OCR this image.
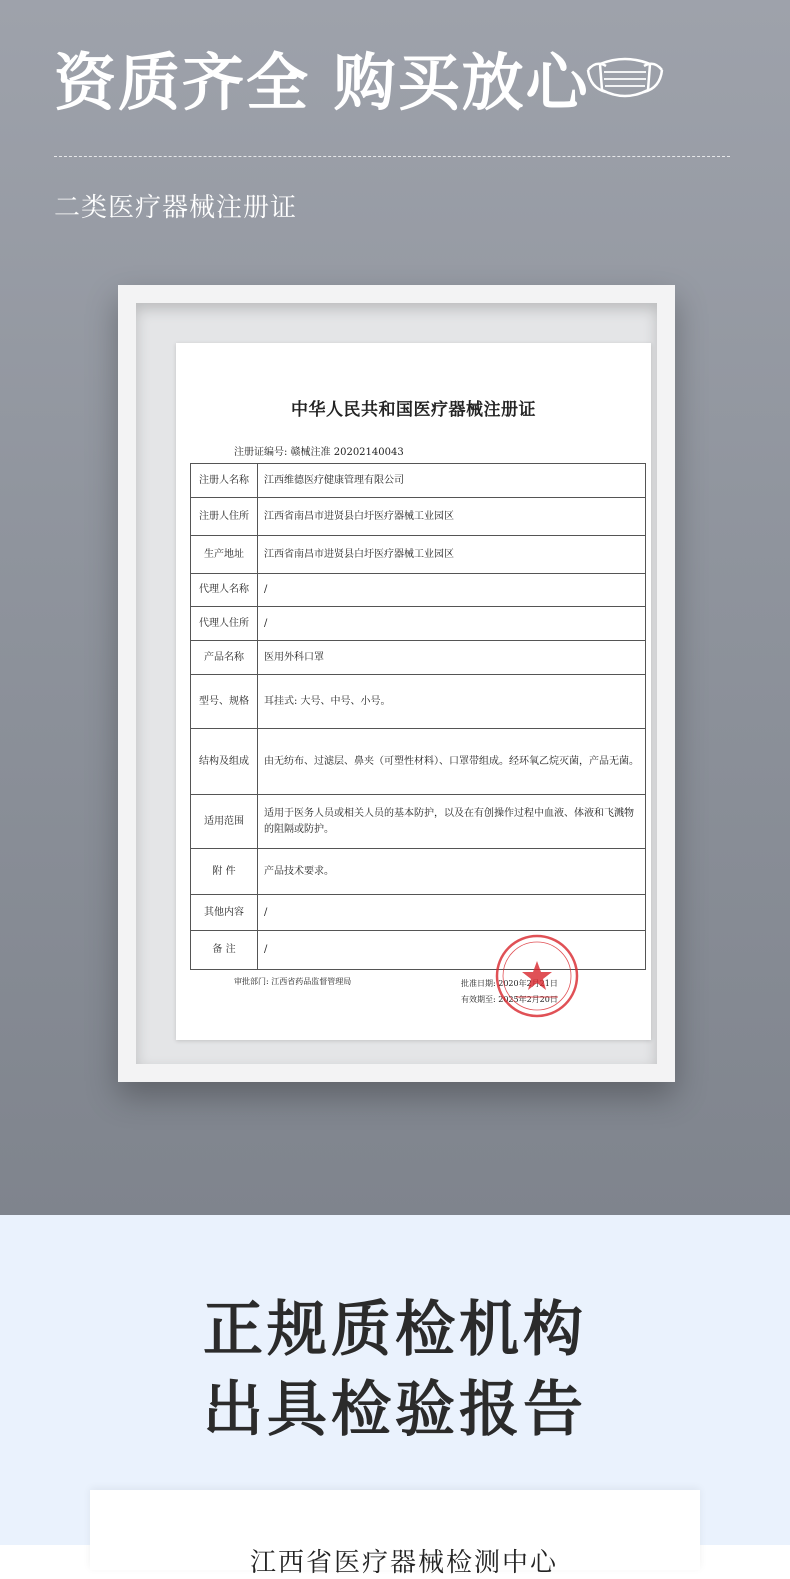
资质齐全 购买放心

二类医疗器械注册证

中华人民共和国医疗器械注册证
注册证编号: 赣械注准 20202140043
注册人名称	江西维德医疗健康管理有限公司
注册人住所	江西省南昌市进贤县白圩医疗器械工业园区
生产地址	江西省南昌市进贤县白圩医疗器械工业园区
代理人名称	/
代理人住所	/
产品名称	医用外科口罩
型号、规格	耳挂式: 大号、中号、小号。
结构及组成	由无纺布、过滤层、鼻夹（可塑性材料）、口罩带组成。经环氧乙烷灭菌，产品无菌。
适用范围	适用于医务人员或相关人员的基本防护，以及在有创操作过程中血液、体液和飞溅物的阻隔或防护。
附 件	产品技术要求。
其他内容	/
备 注	/
审批部门: 江西省药品监督管理局	批准日期: 2020年2月21日
有效期至: 2025年2月20日
正规质检机构
出具检验报告
江西省医疗器械检测中心
